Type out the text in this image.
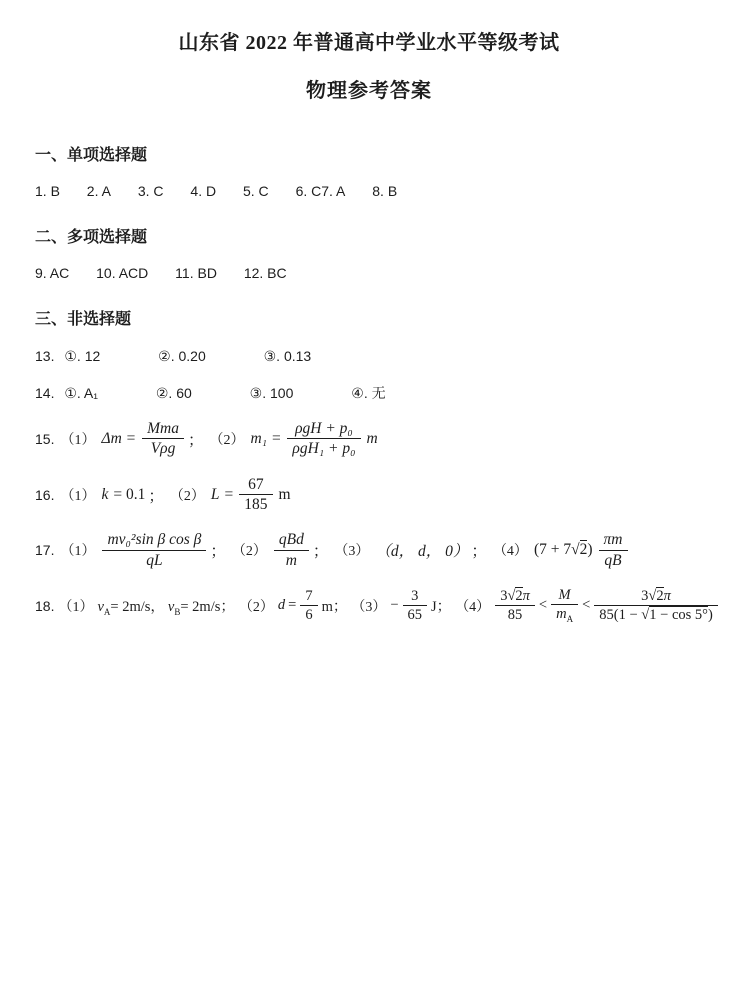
山东省 2022 年普通高中学业水平等级考试
物理参考答案
一、单项选择题

1. B 2. A 3. C 4. D 5. C 6. C7. A 8. B

二、多项选择题

9. AC 10. ACD 11. BD 12. BC

三、非选择题

13. ①. 12	②. 0.20	③. 0.13

14. ①. A₁	②. 60	③. 100	④. 无

15. （1） $\Delta m = \frac{\text{Mma}}{\text{Vρg}}$ ； （2） $m_1 = \frac{\text{ρgH + p₀}}{\text{ρgH₁ + p₀}}$ m
16. （1） k = 0.1 ； （2） $L = \frac{67}{185}$ m
17. $(1) \frac{\text{mv₀²sin β cos β}}{qL}$ ； $(2) \frac{\text{qBd}}{m}$ ； （3） （d， d， 0） ； （4） $(7 + 7√2) \frac{\pi m}{qB}$
18. （1） $v_A= 2m/s$， $v_B= 2m/s$； （2） $d = \frac{7}{6}$ m； $(3) - \frac{3}{65}$ J； $(4) \frac{3√2\pi}{85} < \frac{M}{m_A} < \frac{3√2\pi}{85(1 - √1 - \cos 5^\circ)}$
